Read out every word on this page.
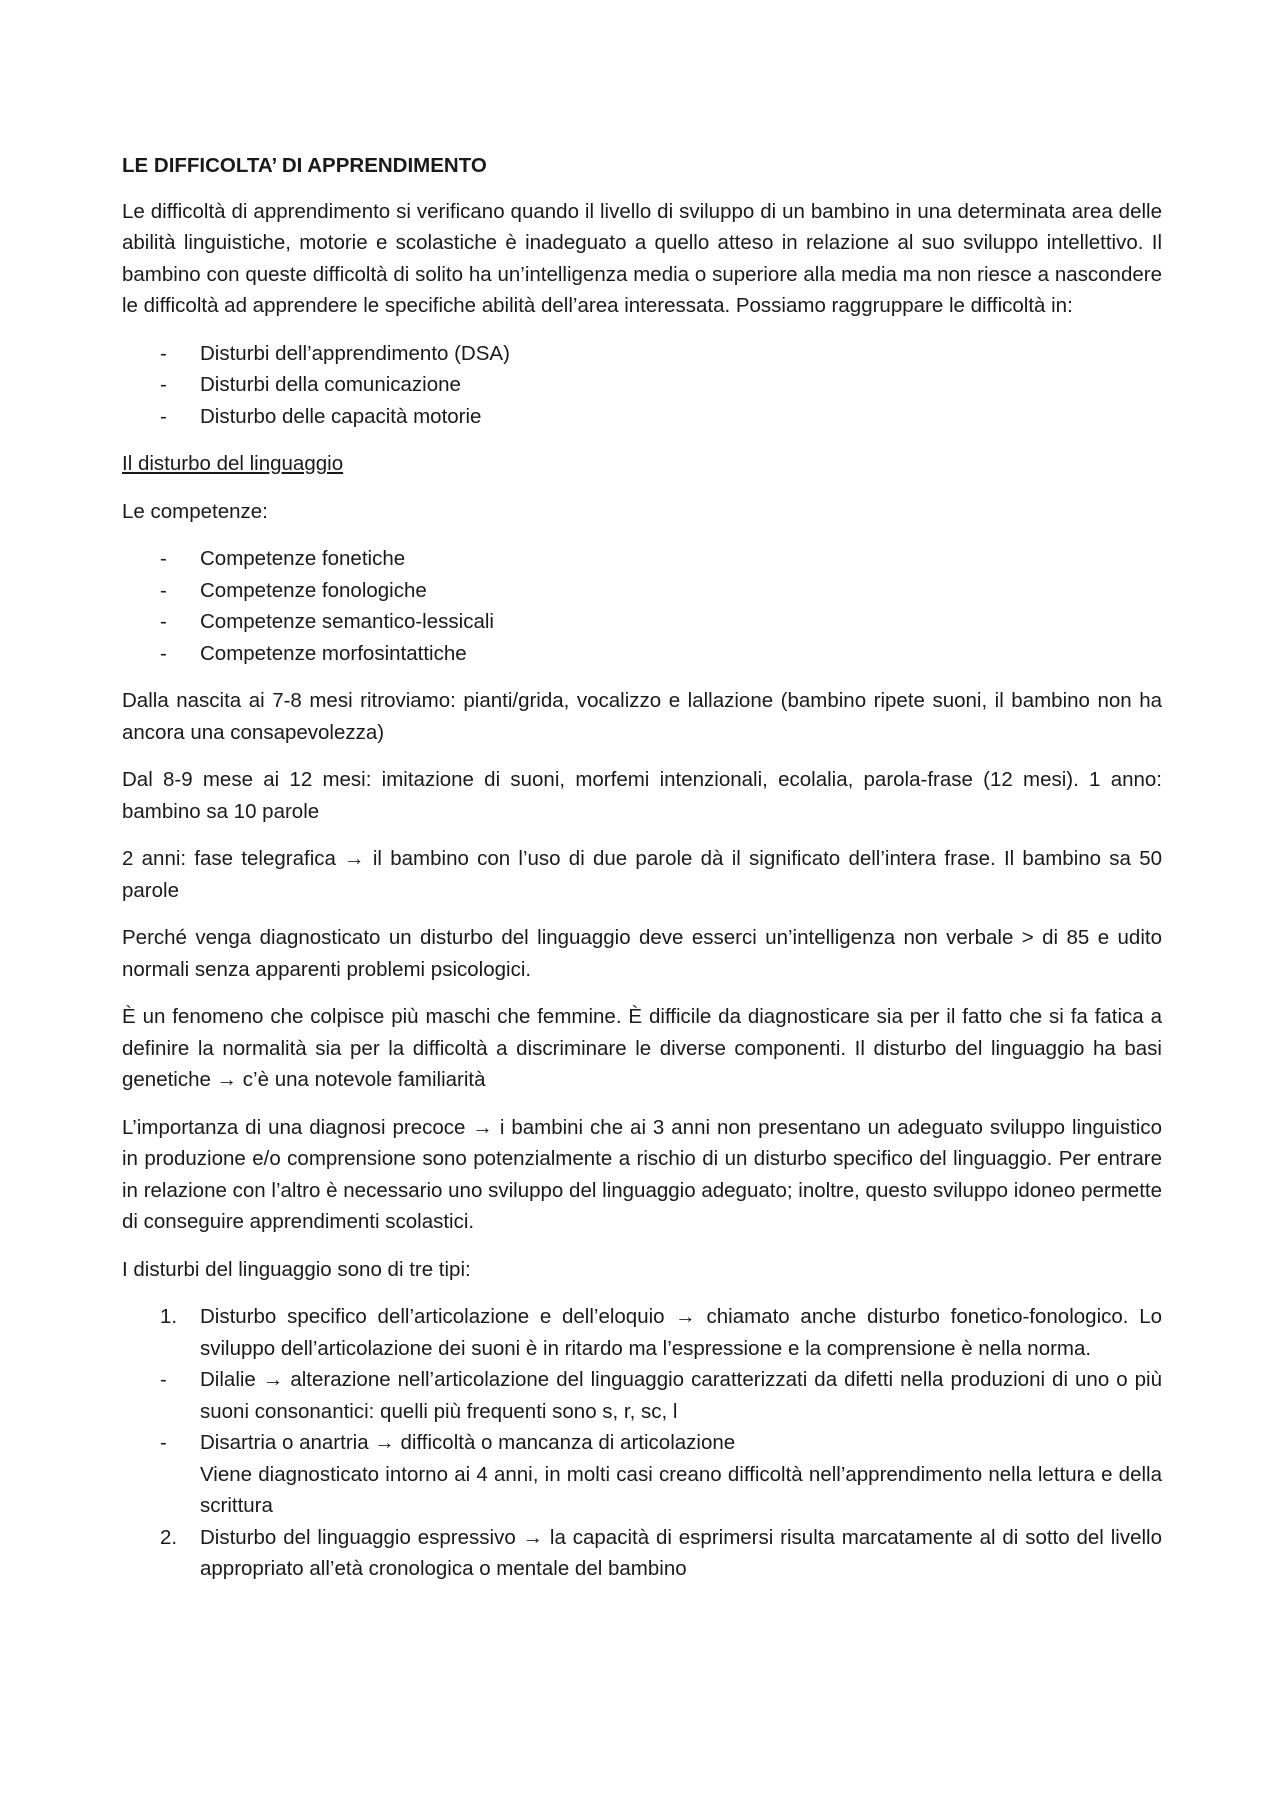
LE DIFFICOLTA’ DI APPRENDIMENTO

Le difficoltà di apprendimento si verificano quando il livello di sviluppo di un bambino in una determinata area delle abilità linguistiche, motorie e scolastiche è inadeguato a quello atteso in relazione al suo sviluppo intellettivo. Il bambino con queste difficoltà di solito ha un’intelligenza media o superiore alla media ma non riesce a nascondere le difficoltà ad apprendere le specifiche abilità dell’area interessata. Possiamo raggruppare le difficoltà in:

- Disturbi dell’apprendimento (DSA)
- Disturbi della comunicazione
- Disturbo delle capacità motorie
Il disturbo del linguaggio

Le competenze:

- Competenze fonetiche
- Competenze fonologiche
- Competenze semantico-lessicali
- Competenze morfosintattiche

Dalla nascita ai 7-8 mesi ritroviamo: pianti/grida, vocalizzo e lallazione (bambino ripete suoni, il bambino non ha ancora una consapevolezza)

Dal 8-9 mese ai 12 mesi: imitazione di suoni, morfemi intenzionali, ecolalia, parola-frase (12 mesi). 1 anno: bambino sa 10 parole

2 anni: fase telegrafica → il bambino con l’uso di due parole dà il significato dell’intera frase. Il bambino sa 50 parole

Perché venga diagnosticato un disturbo del linguaggio deve esserci un’intelligenza non verbale > di 85 e udito normali senza apparenti problemi psicologici.

È un fenomeno che colpisce più maschi che femmine. È difficile da diagnosticare sia per il fatto che si fa fatica a definire la normalità sia per la difficoltà a discriminare le diverse componenti. Il disturbo del linguaggio ha basi genetiche → c’è una notevole familiarità

L’importanza di una diagnosi precoce → i bambini che ai 3 anni non presentano un adeguato sviluppo linguistico in produzione e/o comprensione sono potenzialmente a rischio di un disturbo specifico del linguaggio. Per entrare in relazione con l’altro è necessario uno sviluppo del linguaggio adeguato; inoltre, questo sviluppo idoneo permette di conseguire apprendimenti scolastici.

I disturbi del linguaggio sono di tre tipi:

1. Disturbo specifico dell’articolazione e dell’eloquio → chiamato anche disturbo fonetico-fonologico. Lo sviluppo dell’articolazione dei suoni è in ritardo ma l’espressione e la comprensione è nella norma.
- Dilalie → alterazione nell’articolazione del linguaggio caratterizzati da difetti nella produzioni di uno o più suoni consonantici: quelli più frequenti sono s, r, sc, l
- Disartria o anartria → difficoltà o mancanza di articolazione
Viene diagnosticato intorno ai 4 anni, in molti casi creano difficoltà nell’apprendimento nella lettura e della scrittura
2. Disturbo del linguaggio espressivo → la capacità di esprimersi risulta marcatamente al di sotto del livello appropriato all’età cronologica o mentale del bambino
